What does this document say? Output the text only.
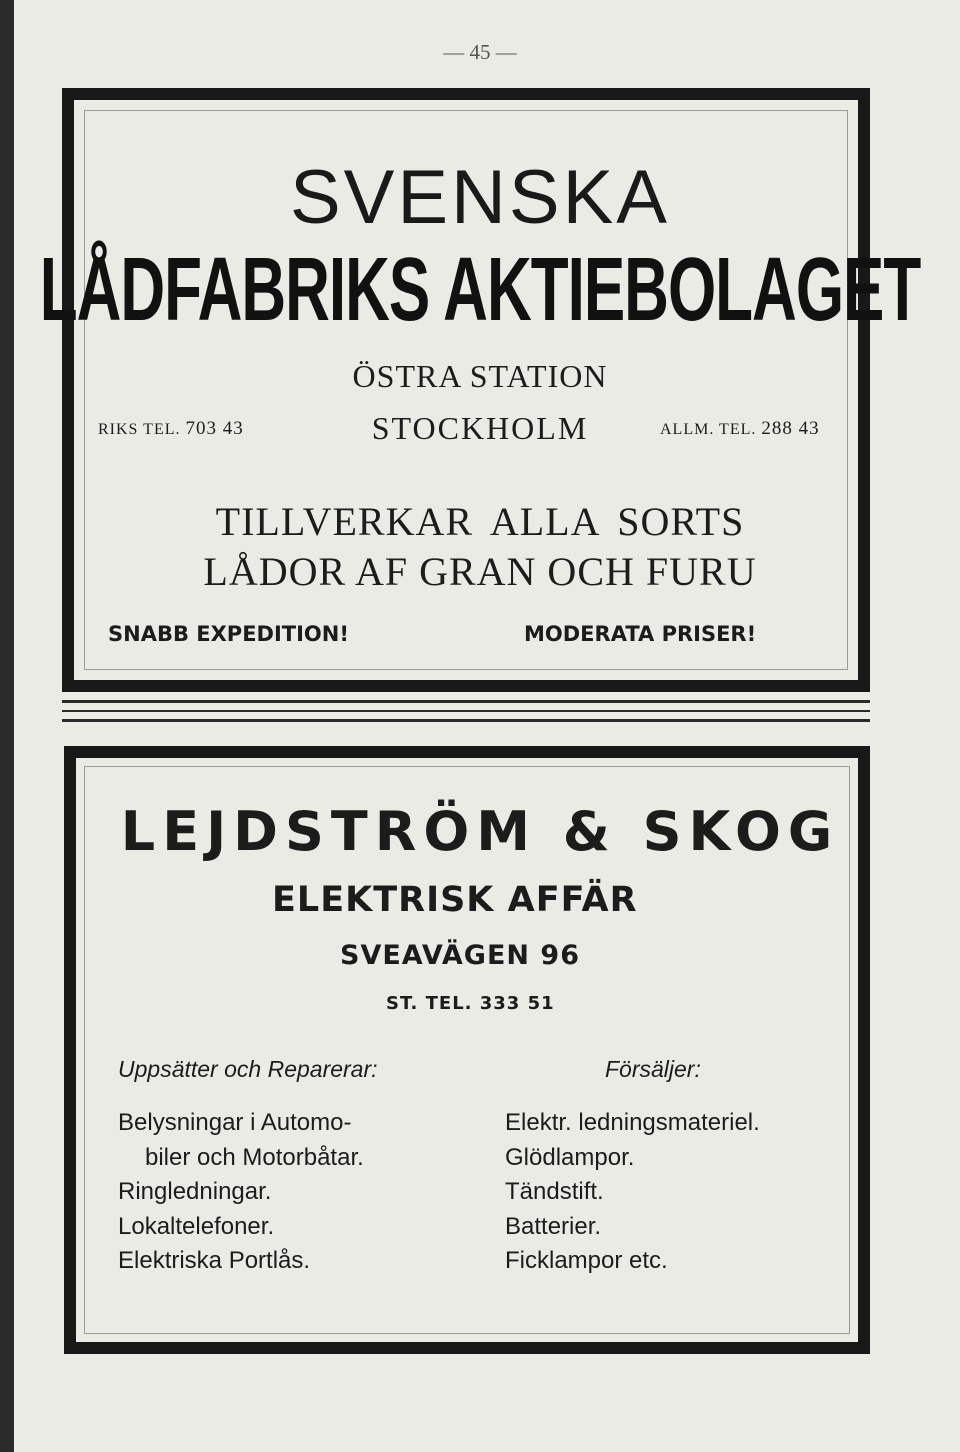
— 45 —
SVENSKA
LÅDFABRIKS AKTIEBOLAGET
ÖSTRA STATION
RIKS TEL. 703 43	STOCKHOLM	ALLM. TEL. 288 43
TILLVERKAR ALLA SORTS
LÅDOR AF GRAN OCH FURU
SNABB EXPEDITION!	MODERATA PRISER!
LEJDSTRÖM & SKOG
ELEKTRISK AFFÄR
SVEAVÄGEN 96
ST. TEL. 333 51
Uppsätter och Reparerar:	Försäljer:
Belysningar i Automo-
biler och Motorbåtar.
Ringledningar.
Lokaltelefoner.
Elektriska Portlås.
Elektr. ledningsmateriel.
Glödlampor.
Tändstift.
Batterier.
Ficklampor etc.
